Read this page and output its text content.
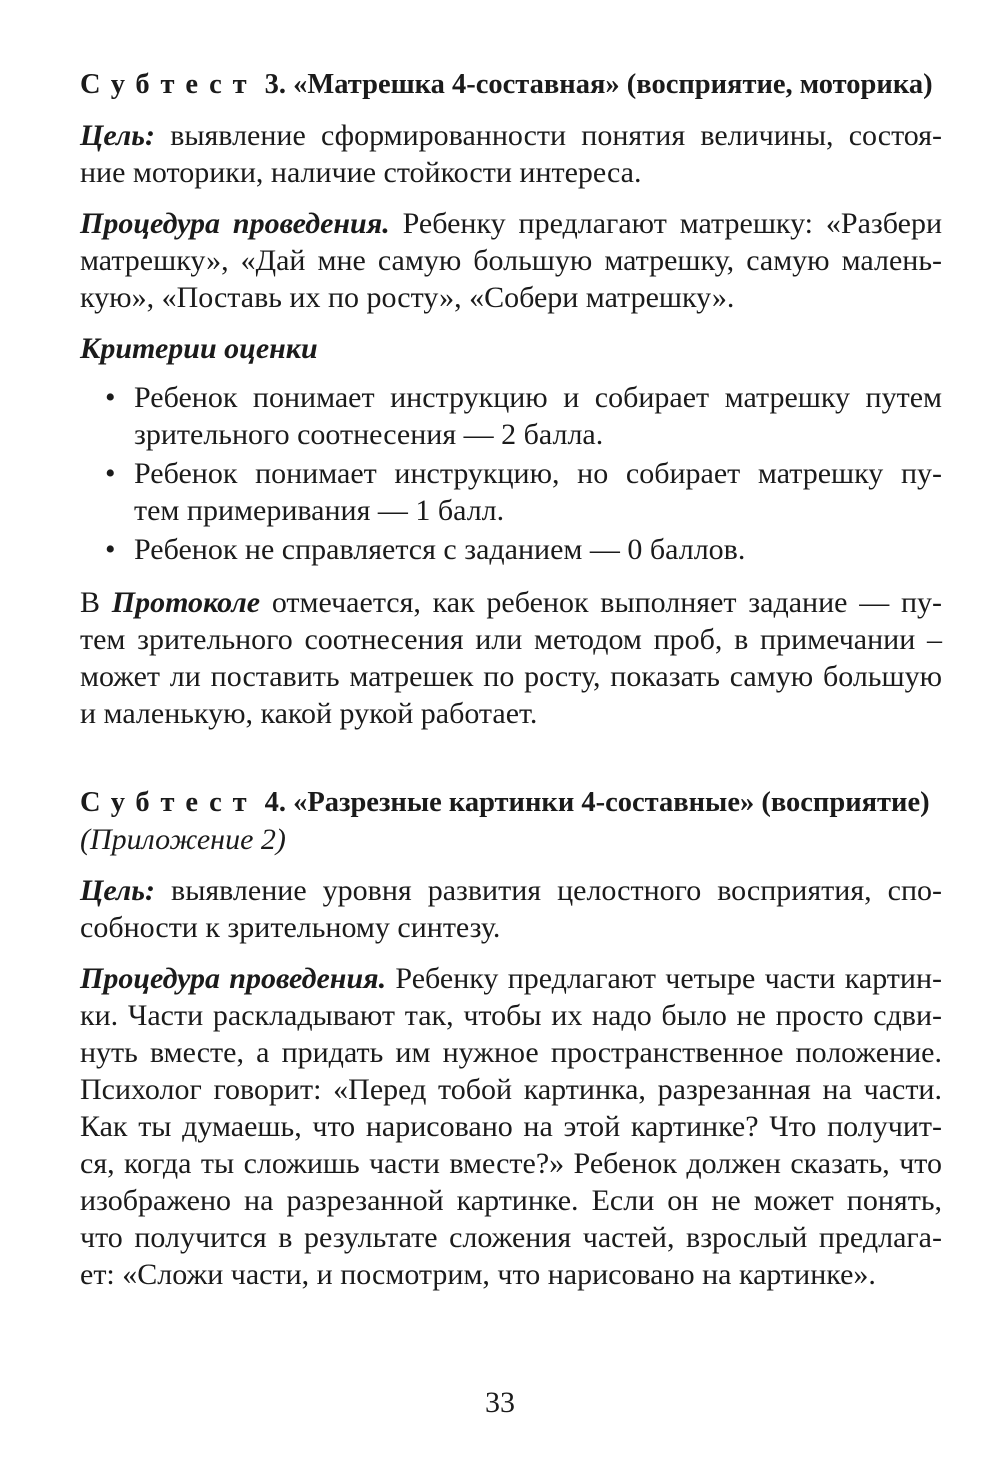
Субтест 3. «Матрешка 4-составная» (восприятие, моторика)

Цель: выявление сформированности понятия величины, состоя-
ние моторики, наличие стойкости интереса.

Процедура проведения. Ребенку предлагают матрешку: «Разбери
матрешку», «Дай мне самую большую матрешку, самую малень-
кую», «Поставь их по росту», «Собери матрешку».

Критерии оценки

• Ребенок понимает инструкцию и собирает матрешку путем
зрительного соотнесения — 2 балла.
• Ребенок понимает инструкцию, но собирает матрешку пу-
тем примеривания — 1 балл.
• Ребенок не справляется с заданием — 0 баллов.

В Протоколе отмечается, как ребенок выполняет задание — пу-
тем зрительного соотнесения или методом проб, в примечании –
может ли поставить матрешек по росту, показать самую большую
и маленькую, какой рукой работает.

Субтест 4. «Разрезные картинки 4-составные» (восприятие)

(Приложение 2)

Цель: выявление уровня развития целостного восприятия, спо-
собности к зрительному синтезу.

Процедура проведения. Ребенку предлагают четыре части картин-
ки. Части раскладывают так, чтобы их надо было не просто сдви-
нуть вместе, а придать им нужное пространственное положение.
Психолог говорит: «Перед тобой картинка, разрезанная на части.
Как ты думаешь, что нарисовано на этой картинке? Что получит-
ся, когда ты сложишь части вместе?» Ребенок должен сказать, что
изображено на разрезанной картинке. Если он не может понять,
что получится в результате сложения частей, взрослый предлага-
ет: «Сложи части, и посмотрим, что нарисовано на картинке».

33
